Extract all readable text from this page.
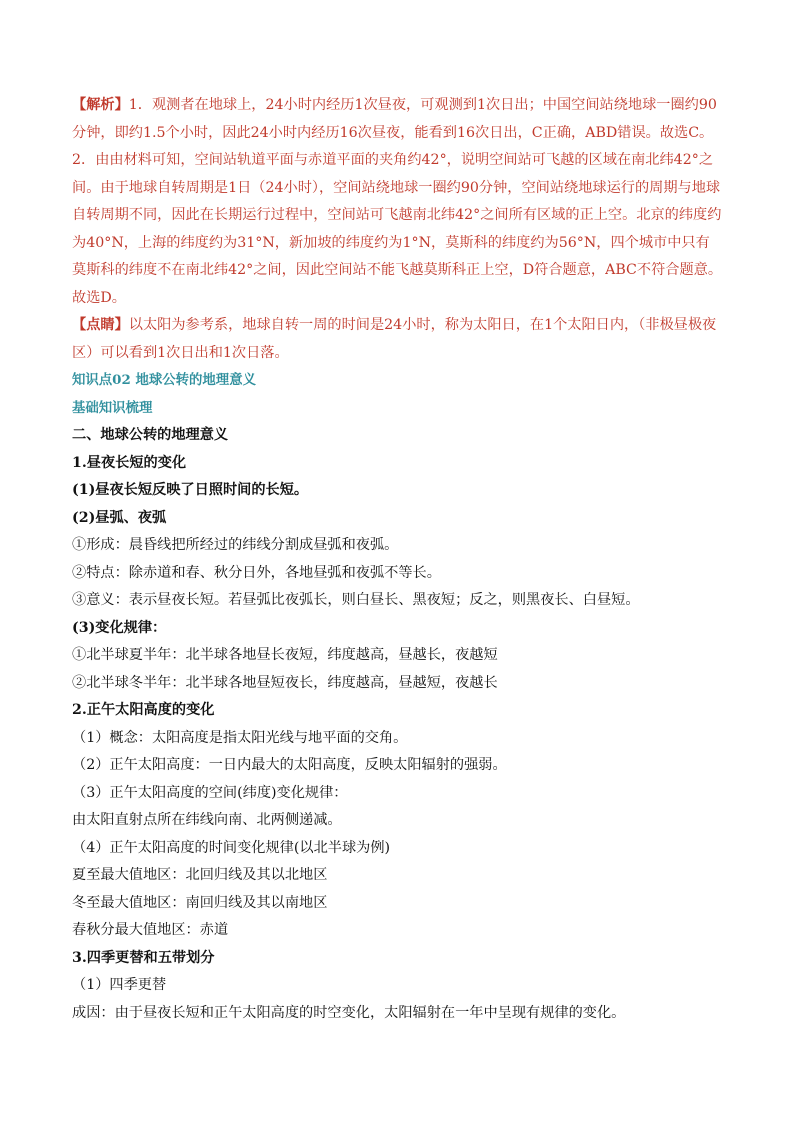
【解析】1．观测者在地球上，24小时内经历1次昼夜，可观测到1次日出；中国空间站绕地球一圈约90
分钟，即约1.5个小时，因此24小时内经历16次昼夜，能看到16次日出，C正确，ABD错误。故选C。
2．由由材料可知，空间站轨道平面与赤道平面的夹角约42°，说明空间站可飞越的区域在南北纬42°之
间。由于地球自转周期是1日（24小时），空间站绕地球一圈约90分钟，空间站绕地球运行的周期与地球
自转周期不同，因此在长期运行过程中，空间站可飞越南北纬42°之间所有区域的正上空。北京的纬度约
为40°N，上海的纬度约为31°N，新加坡的纬度约为1°N，莫斯科的纬度约为56°N，四个城市中只有
莫斯科的纬度不在南北纬42°之间，因此空间站不能飞越莫斯科正上空，D符合题意，ABC不符合题意。
故选D。
【点睛】以太阳为参考系，地球自转一周的时间是24小时，称为太阳日，在1个太阳日内，（非极昼极夜
区）可以看到1次日出和1次日落。
知识点02 地球公转的地理意义
基础知识梳理
二、地球公转的地理意义
1.昼夜长短的变化
(1)昼夜长短反映了日照时间的长短。
(2)昼弧、夜弧
①形成：晨昏线把所经过的纬线分割成昼弧和夜弧。
②特点：除赤道和春、秋分日外，各地昼弧和夜弧不等长。
③意义：表示昼夜长短。若昼弧比夜弧长，则白昼长、黑夜短；反之，则黑夜长、白昼短。
(3)变化规律：
①北半球夏半年：北半球各地昼长夜短，纬度越高，昼越长，夜越短
②北半球冬半年：北半球各地昼短夜长，纬度越高，昼越短，夜越长
2.正午太阳高度的变化
（1）概念：太阳高度是指太阳光线与地平面的交角。
（2）正午太阳高度：一日内最大的太阳高度，反映太阳辐射的强弱。
（3）正午太阳高度的空间(纬度)变化规律：
由太阳直射点所在纬线向南、北两侧递减。
（4）正午太阳高度的时间变化规律(以北半球为例)
夏至最大值地区：北回归线及其以北地区
冬至最大值地区：南回归线及其以南地区
春秋分最大值地区：赤道
3.四季更替和五带划分
（1）四季更替
成因：由于昼夜长短和正午太阳高度的时空变化，太阳辐射在一年中呈现有规律的变化。
